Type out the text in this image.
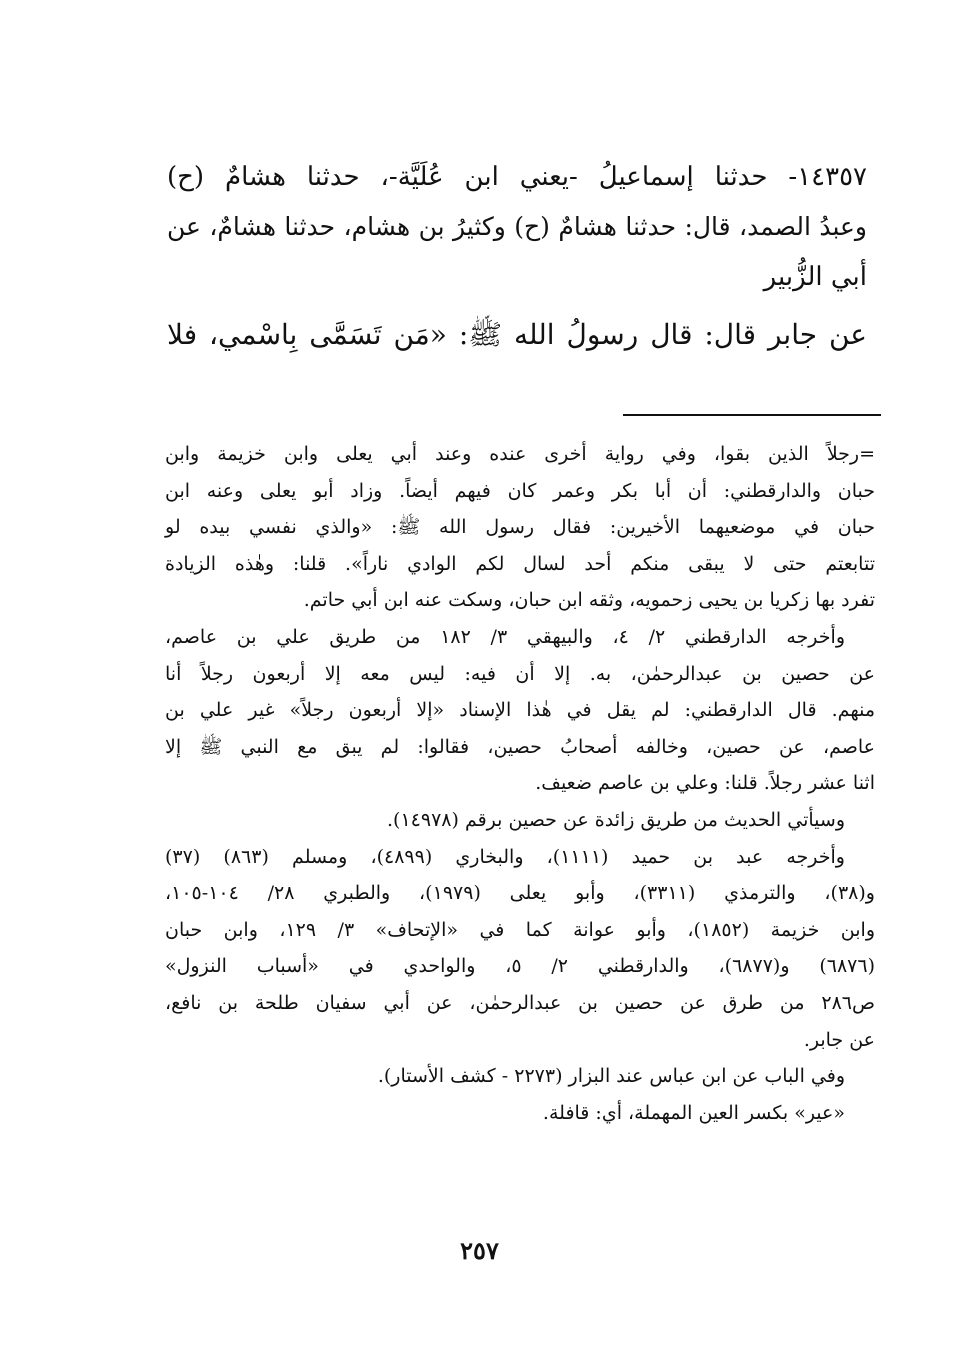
١٤٣٥٧- حدثنا إسماعيلُ -يعني ابن عُلَيَّة-، حدثنا هشامٌ (ح)
وعبدُ الصمد، قال: حدثنا هشامٌ (ح) وكثيرُ بن هشام، حدثنا هشامٌ، عن
أبي الزُّبير
عن جابر قال: قال رسولُ الله ﷺ: «مَن تَسَمَّى بِاسْمي، فلا
=رجلاً الذين بقوا، وفي رواية أخرى عنده وعند أبي يعلى وابن خزيمة وابن
حبان والدارقطني: أن أبا بكر وعمر كان فيهم أيضاً. وزاد أبو يعلى وعنه ابن
حبان في موضعيهما الأخيرين: فقال رسول الله ﷺ: «والذي نفسي بيده لو
تتابعتم حتى لا يبقى منكم أحد لسال لكم الوادي ناراً». قلنا: وهٰذه الزيادة
تفرد بها زكريا بن يحيى زحمويه، وثقه ابن حبان، وسكت عنه ابن أبي حاتم.
وأخرجه الدارقطني ٢/ ٤، والبيهقي ٣/ ١٨٢ من طريق علي بن عاصم،
عن حصين بن عبدالرحمٰن، به. إلا أن فيه: ليس معه إلا أربعون رجلاً أنا
منهم. قال الدارقطني: لم يقل في هٰذا الإسناد «إلا أربعون رجلاً» غير علي بن
عاصم، عن حصين، وخالفه أصحابُ حصين، فقالوا: لم يبق مع النبي ﷺ إلا
اثنا عشر رجلاً. قلنا: وعلي بن عاصم ضعيف.
وسيأتي الحديث من طريق زائدة عن حصين برقم (١٤٩٧٨).
وأخرجه عبد بن حميد (١١١١)، والبخاري (٤٨٩٩)، ومسلم (٨٦٣) (٣٧)
و(٣٨)، والترمذي (٣٣١١)، وأبو يعلى (١٩٧٩)، والطبري ٢٨/ ١٠٤-١٠٥،
وابن خزيمة (١٨٥٢)، وأبو عوانة كما في «الإتحاف» ٣/ ١٢٩، وابن حبان
(٦٨٧٦) و(٦٨٧٧)، والدارقطني ٢/ ٥، والواحدي في «أسباب النزول»
ص٢٨٦ من طرق عن حصين بن عبدالرحمٰن، عن أبي سفيان طلحة بن نافع،
عن جابر.
وفي الباب عن ابن عباس عند البزار (٢٢٧٣ - كشف الأستار).
«عير» بكسر العين المهملة، أي: قافلة.
٢٥٧
